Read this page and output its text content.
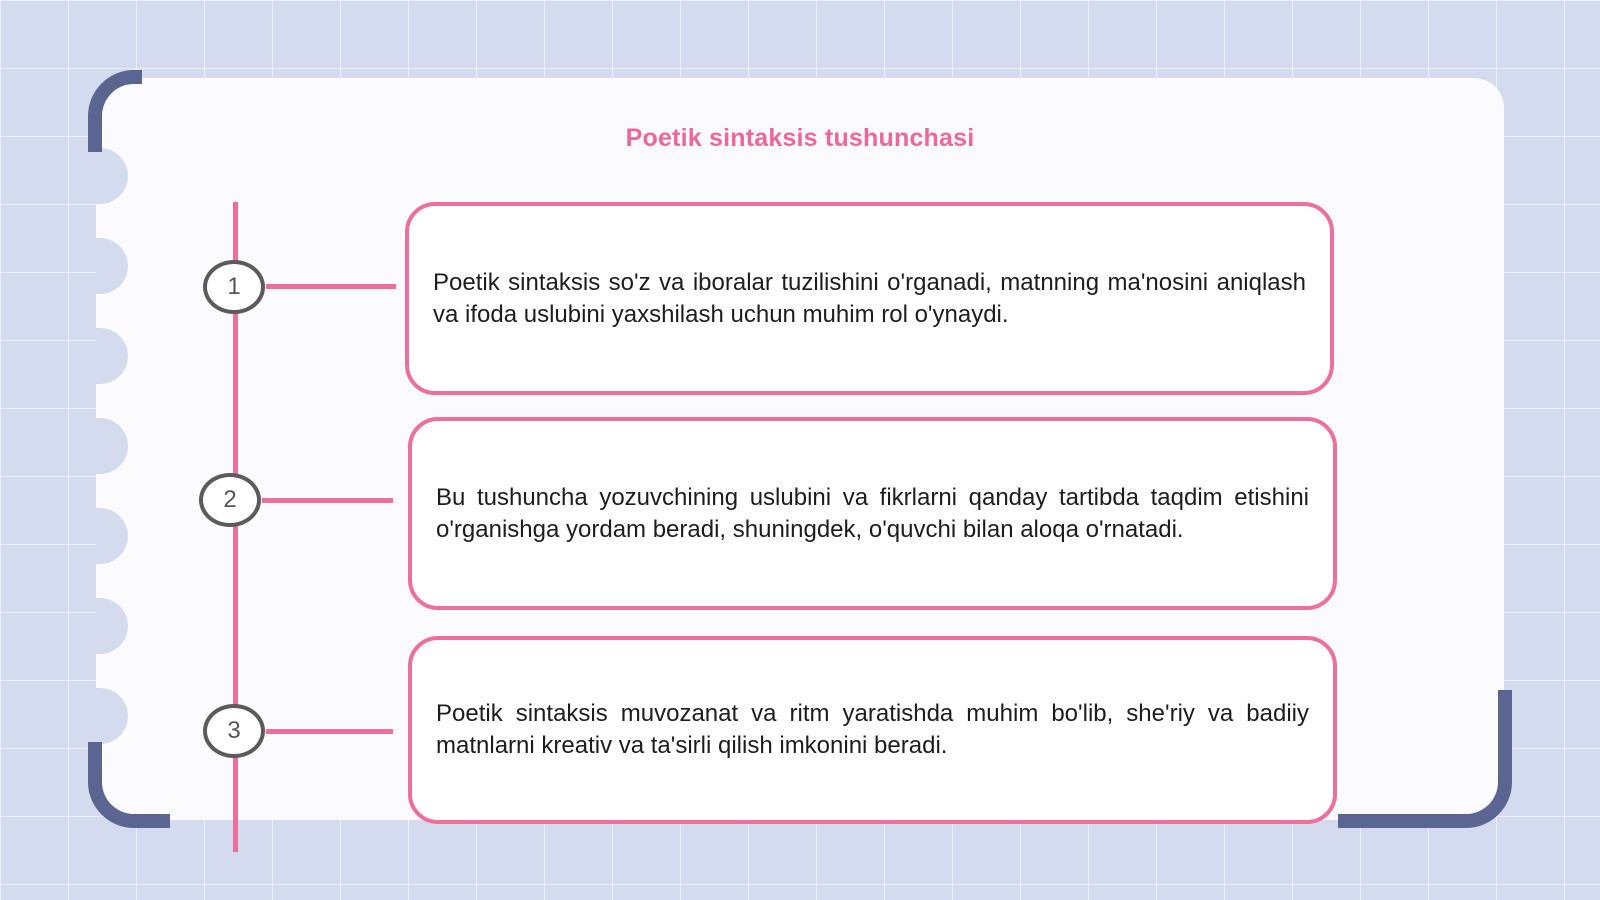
Poetik sintaksis tushunchasi
1	Poetik sintaksis so'z va iboralar tuzilishini o'rganadi, matnning ma'nosini aniqlash va ifoda uslubini yaxshilash uchun muhim rol o'ynaydi.

2	Bu tushuncha yozuvchining uslubini va fikrlarni qanday tartibda taqdim etishini o'rganishga yordam beradi, shuningdek, o'quvchi bilan aloqa o'rnatadi.

3

Poetik sintaksis muvozanat va ritm yaratishda muhim bo'lib, she'riy va badiiy matnlarni kreativ va ta'sirli qilish imkonini beradi.
